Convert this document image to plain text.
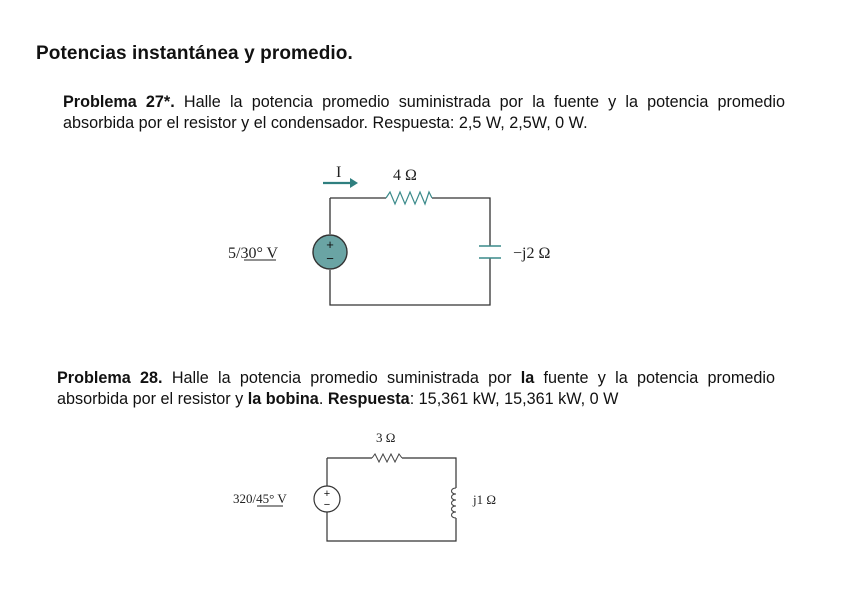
Potencias instantánea y promedio.
Problema 27*. Halle la potencia promedio suministrada por la fuente y la potencia promedio absorbida por el resistor y el condensador. Respuesta: 2,5 W, 2,5W, 0 W.
+
−
I	4 Ω
5/30° V	−j2 Ω
Problema 28. Halle la potencia promedio suministrada por la fuente y la potencia promedio absorbida por el resistor y la bobina. Respuesta: 15,361 kW, 15,361 kW, 0 W
+
−
3 Ω
320/45° V	j1 Ω
